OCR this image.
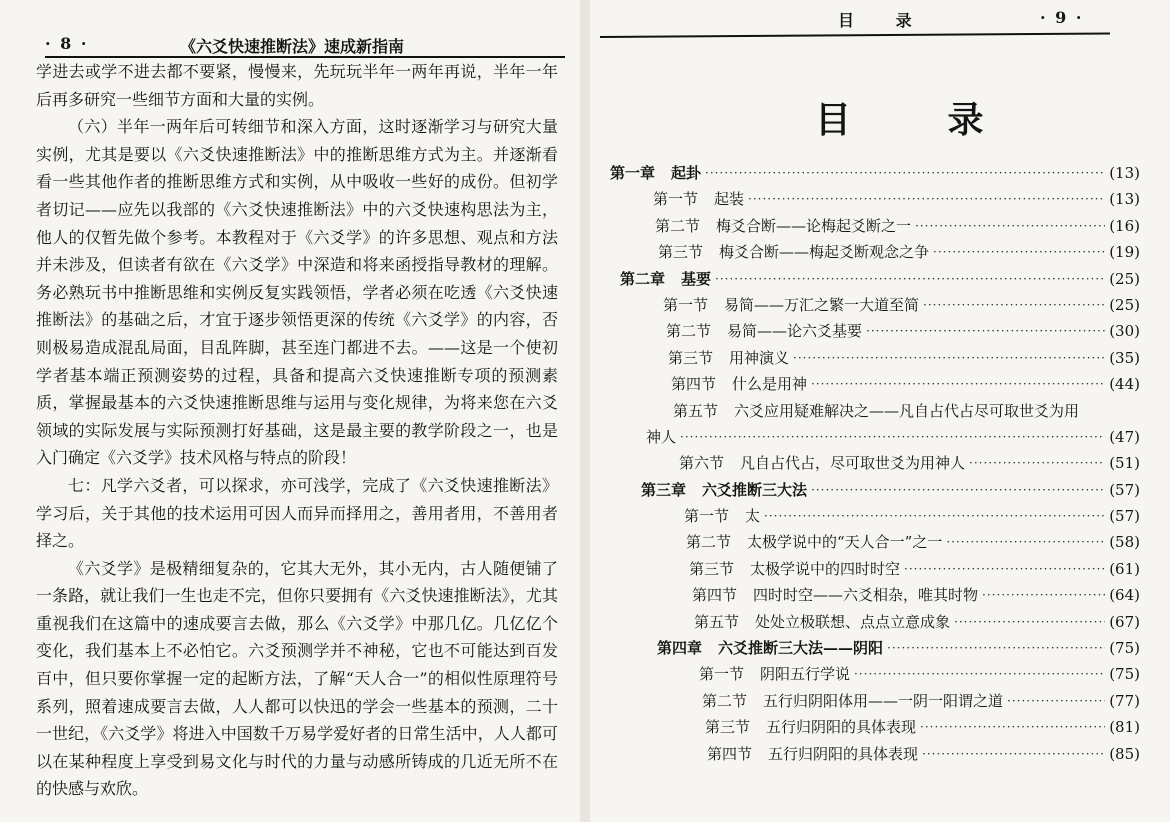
· 8 ·	《六爻快速推断法》速成新指南

学进去或学不进去都不要紧，慢慢来，先玩玩半年一两年再说，半年一年后再多研究一些细节方面和大量的实例。

（六）半年一两年后可转细节和深入方面，这时逐渐学习与研究大量实例，尤其是要以《六爻快速推断法》中的推断思维方式为主。并逐渐看看一些其他作者的推断思维方式和实例，从中吸收一些好的成份。但初学者切记——应先以我部的《六爻快速推断法》中的六爻快速构思法为主，他人的仅暂先做个参考。本教程对于《六爻学》的许多思想、观点和方法并未涉及，但读者有欲在《六爻学》中深造和将来函授指导教材的理解。务必熟玩书中推断思维和实例反复实践领悟，学者必须在吃透《六爻快速推断法》的基础之后，才宜于逐步领悟更深的传统《六爻学》的内容，否则极易造成混乱局面，目乱阵脚，甚至连门都进不去。——这是一个使初学者基本端正预测姿势的过程，具备和提高六爻快速推断专项的预测素质，掌握最基本的六爻快速推断思维与运用与变化规律，为将来您在六爻领域的实际发展与实际预测打好基础，这是最主要的教学阶段之一，也是入门确定《六爻学》技术风格与特点的阶段！

七：凡学六爻者，可以探求，亦可浅学，完成了《六爻快速推断法》学习后，关于其他的技术运用可因人而异而择用之，善用者用，不善用者择之。

《六爻学》是极精细复杂的，它其大无外，其小无内，古人随便铺了一条路，就让我们一生也走不完，但你只要拥有《六爻快速推断法》，尤其重视我们在这篇中的速成要言去做，那么《六爻学》中那几亿。几亿亿个变化，我们基本上不必怕它。六爻预测学并不神秘，它也不可能达到百发百中，但只要你掌握一定的起断方法，了解“天人合一”的相似性原理符号系列，照着速成要言去做，人人都可以快迅的学会一些基本的预测，二十一世纪，《六爻学》将进入中国数千万易学爱好者的日常生活中，人人都可以在某种程度上享受到易文化与时代的力量与动感所铸成的几近无所不在的快感与欢欣。

目 录	· 9 ·
目 录
第一章 起卦 ·····	(13)
第一节 起装 ·····	(13)
第二节 梅爻合断——论梅起爻断之一 ·····	(16)
第三节 梅爻合断——梅起爻断观念之争 ·····	(19)
第二章 基要 ·····	(25)
第一节 易简——万汇之繁一大道至简 ·····	(25)
第二节 易简——论六爻基要 ·····	(30)
第三节 用神演义 ·····	(35)
第四节 什么是用神 ·····	(44)
第五节 六爻应用疑难解决之——凡自占代占尽可取世爻为用
神人 ·····	(47)
第六节 凡自占代占，尽可取世爻为用神人 ·····	(51)
第三章 六爻推断三大法 ·····	(57)
第一节 太 ·····	(57)
第二节 太极学说中的“天人合一”之一 ·····	(58)
第三节 太极学说中的四时时空 ·····	(61)
第四节 四时时空——六爻相杂，唯其时物 ·····	(64)
第五节 处处立极联想、点点立意成象 ·····	(67)
第四章 六爻推断三大法——阴阳 ·····	(75)
第一节 阴阳五行学说 ·····	(75)
第二节 五行归阴阳体用——一阴一阳谓之道 ·····	(77)
第三节 五行归阴阳的具体表现 ·····	(81)
第四节 五行归阴阳的具体表现 ·····	(85)
